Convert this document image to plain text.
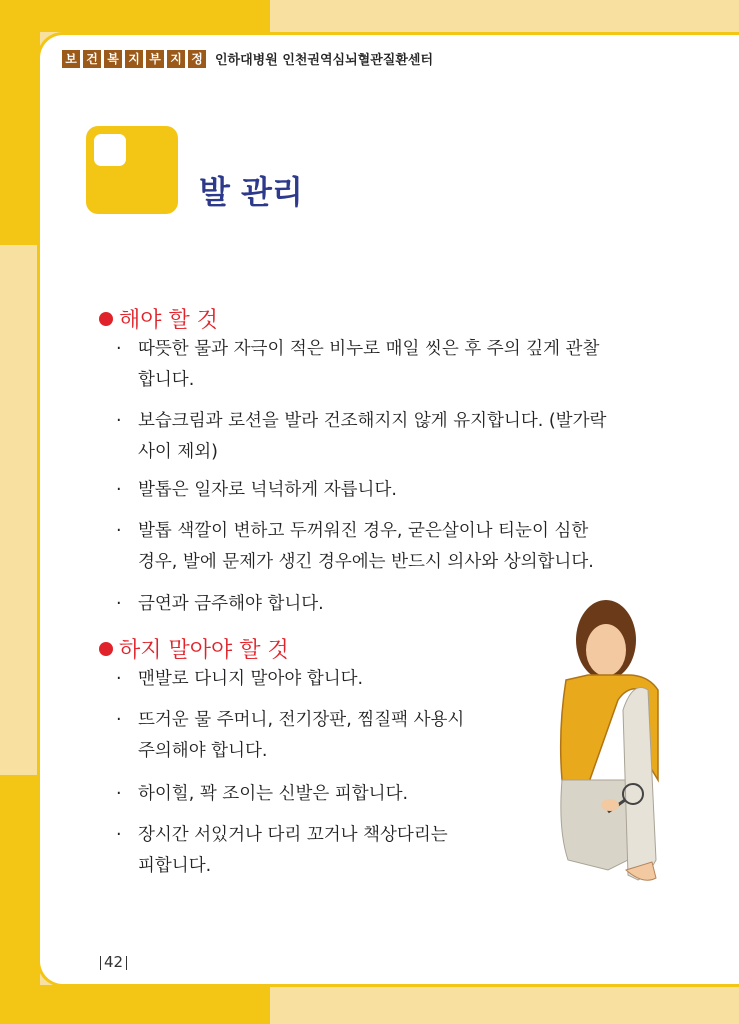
보 건 복 지 부 지 정 인하대병원 인천권역심뇌혈관질환센터
발 관리
해야 할 것
· 따뜻한 물과 자극이 적은 비누로 매일 씻은 후 주의 깊게 관찰
합니다.
· 보습크림과 로션을 발라 건조해지지 않게 유지합니다. (발가락
사이 제외)
· 발톱은 일자로 넉넉하게 자릅니다.
· 발톱 색깔이 변하고 두꺼워진 경우, 굳은살이나 티눈이 심한
경우, 발에 문제가 생긴 경우에는 반드시 의사와 상의합니다.
· 금연과 금주해야 합니다.
하지 말아야 할 것
· 맨발로 다니지 말아야 합니다.
· 뜨거운 물 주머니, 전기장판, 찜질팩 사용시
주의해야 합니다.
· 하이힐, 꽉 조이는 신발은 피합니다.
· 장시간 서있거나 다리 꼬거나 책상다리는
피합니다.
42
